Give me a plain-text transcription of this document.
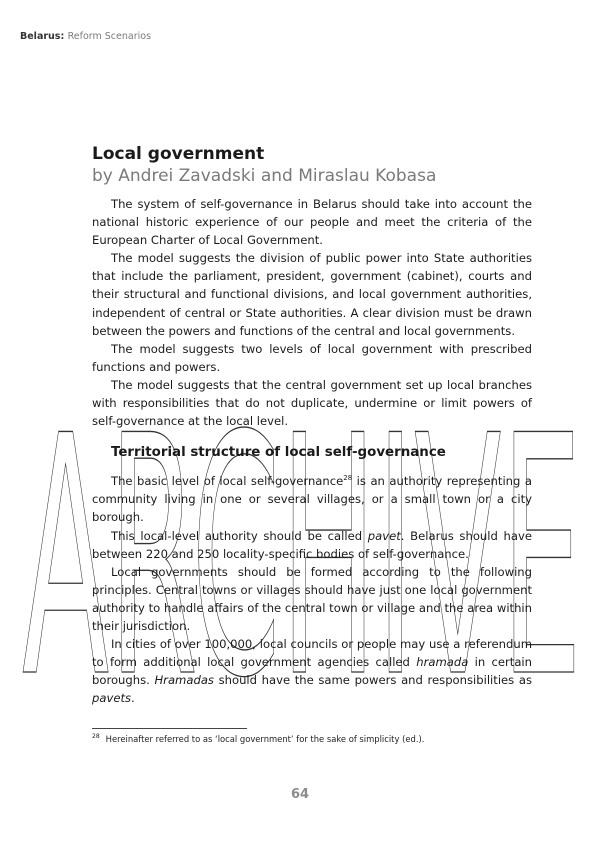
Belarus: Reform Scenarios
ARCHIVE
Local government
by Andrei Zavadski and Miraslau Kobasa

The system of self-governance in Belarus should take into account the national historic experience of our people and meet the criteria of the European Charter of Local Government.

The model suggests the division of public power into State authorities that include the parliament, president, government (cabinet), courts and their structural and functional divisions, and local government authorities, independent of central or State authorities. A clear division must be drawn between the powers and functions of the central and local governments.

The model suggests two levels of local government with prescribed functions and powers.

The model suggests that the central government set up local branches with responsibilities that do not duplicate, undermine or limit powers of self-governance at the local level.

Territorial structure of local self-governance

The basic level of local self-governance$^{28}$ is an authority representing a community living in one or several villages, or a small town or a city borough.

This local-level authority should be called pavet. Belarus should have between 220 and 250 locality-specific bodies of self-governance.

Local governments should be formed according to the following principles. Central towns or villages should have just one local government authority to handle affairs of the central town or village and the area within their jurisdiction.

In cities of over 100,000, local councils or people may use a referendum to form additional local government agencies called hramada in certain boroughs. Hramadas should have the same powers and responsibilities as pavets.

$^{28}$ Hereinafter referred to as ‘local government’ for the sake of simplicity (ed.).
64
